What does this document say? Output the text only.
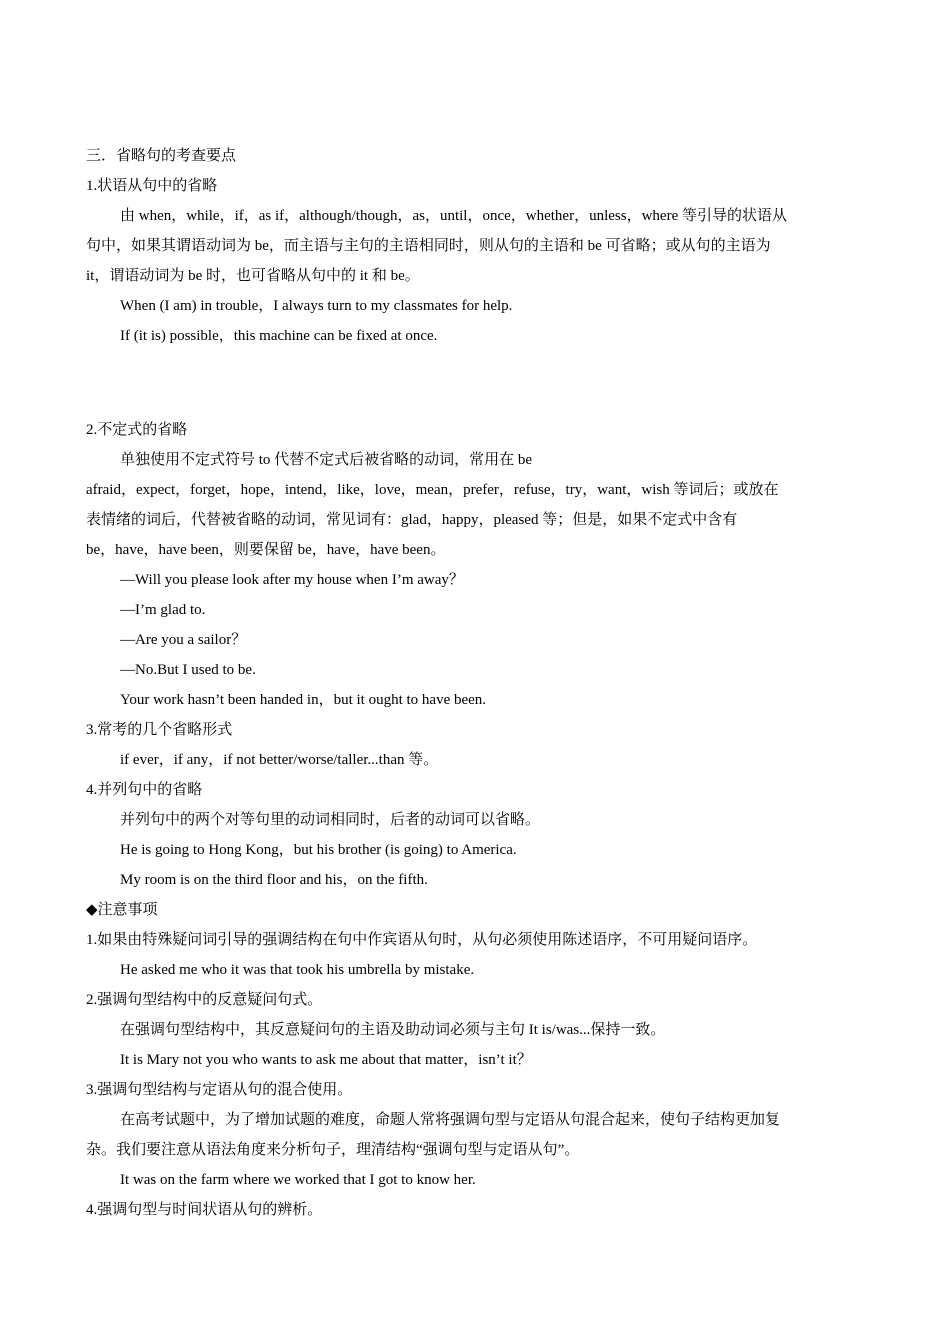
三．省略句的考查要点
1.状语从句中的省略
由 when，while，if，as if，although/though，as，until，once，whether，unless，where 等引导的状语从
句中，如果其谓语动词为 be，而主语与主句的主语相同时，则从句的主语和 be 可省略；或从句的主语为
it，谓语动词为 be 时，也可省略从句中的 it 和 be。
When (I am) in trouble，I always turn to my classmates for help.
If (it is) possible，this machine can be fixed at once.
2.不定式的省略
单独使用不定式符号 to 代替不定式后被省略的动词，常用在 be
afraid，expect，forget，hope，intend，like，love，mean，prefer，refuse，try，want，wish 等词后；或放在
表情绪的词后，代替被省略的动词，常见词有：glad，happy，pleased 等；但是，如果不定式中含有
be，have，have been，则要保留 be，have，have been。
—Will you please look after my house when I’m away？
—I’m glad to.
—Are you a sailor？
—No.But I used to be.
Your work hasn’t been handed in，but it ought to have been.
3.常考的几个省略形式
if ever，if any，if not better/worse/taller...than 等。
4.并列句中的省略
并列句中的两个对等句里的动词相同时，后者的动词可以省略。
He is going to Hong Kong，but his brother (is going) to America.
My room is on the third floor and his，on the fifth.
◆注意事项
1.如果由特殊疑问词引导的强调结构在句中作宾语从句时，从句必须使用陈述语序，不可用疑问语序。
He asked me who it was that took his umbrella by mistake.
2.强调句型结构中的反意疑问句式。
在强调句型结构中，其反意疑问句的主语及助动词必须与主句 It is/was...保持一致。
It is Mary not you who wants to ask me about that matter，isn’t it？
3.强调句型结构与定语从句的混合使用。
在高考试题中，为了增加试题的难度，命题人常将强调句型与定语从句混合起来，使句子结构更加复
杂。我们要注意从语法角度来分析句子，理清结构“强调句型与定语从句”。
It was on the farm where we worked that I got to know her.
4.强调句型与时间状语从句的辨析。
